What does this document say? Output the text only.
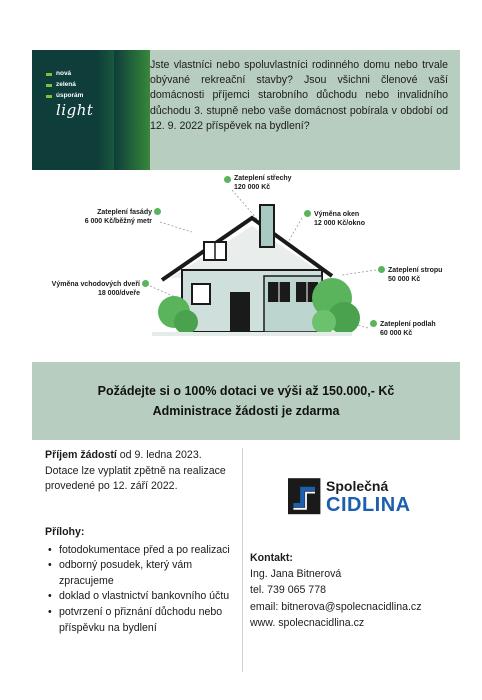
nová
zelená
úsporám
light
Jste vlastníci nebo spoluvlastníci rodinného domu nebo trvale obývané rekreační stavby? Jsou všichni členové vaší domácnosti příjemci starobního důchodu nebo invalidního důchodu 3. stupně nebo vaše domácnost pobírala v období od 12. 9. 2022 příspěvek na bydlení?
Zateplení střechy
120 000 Kč
Zateplení fasády
6 000 Kč/běžný metr
Výměna oken
12 000 Kč/okno
Zateplení stropu
50 000 Kč
Výměna vchodových dveří
18 000/dveře
Zateplení podlah
60 000 Kč
Požádejte si o 100% dotaci ve výši až 150.000,- Kč
Administrace žádosti je zdarma
Příjem žádostí od 9. ledna 2023. Dotace lze vyplatit zpětně na realizace provedené po 12. září 2022.
Přílohy:
• fotodokumentace před a po realizaci
• odborný posudek, který vám zpracujeme
• doklad o vlastnictví bankovního účtu
• potvrzení o přiznání důchodu nebo příspěvku na bydlení
Společná
CIDLINA
Kontakt:
Ing. Jana Bitnerová
tel. 739 065 778
email: bitnerova@spolecnacidlina.cz
www. spolecnacidlina.cz
